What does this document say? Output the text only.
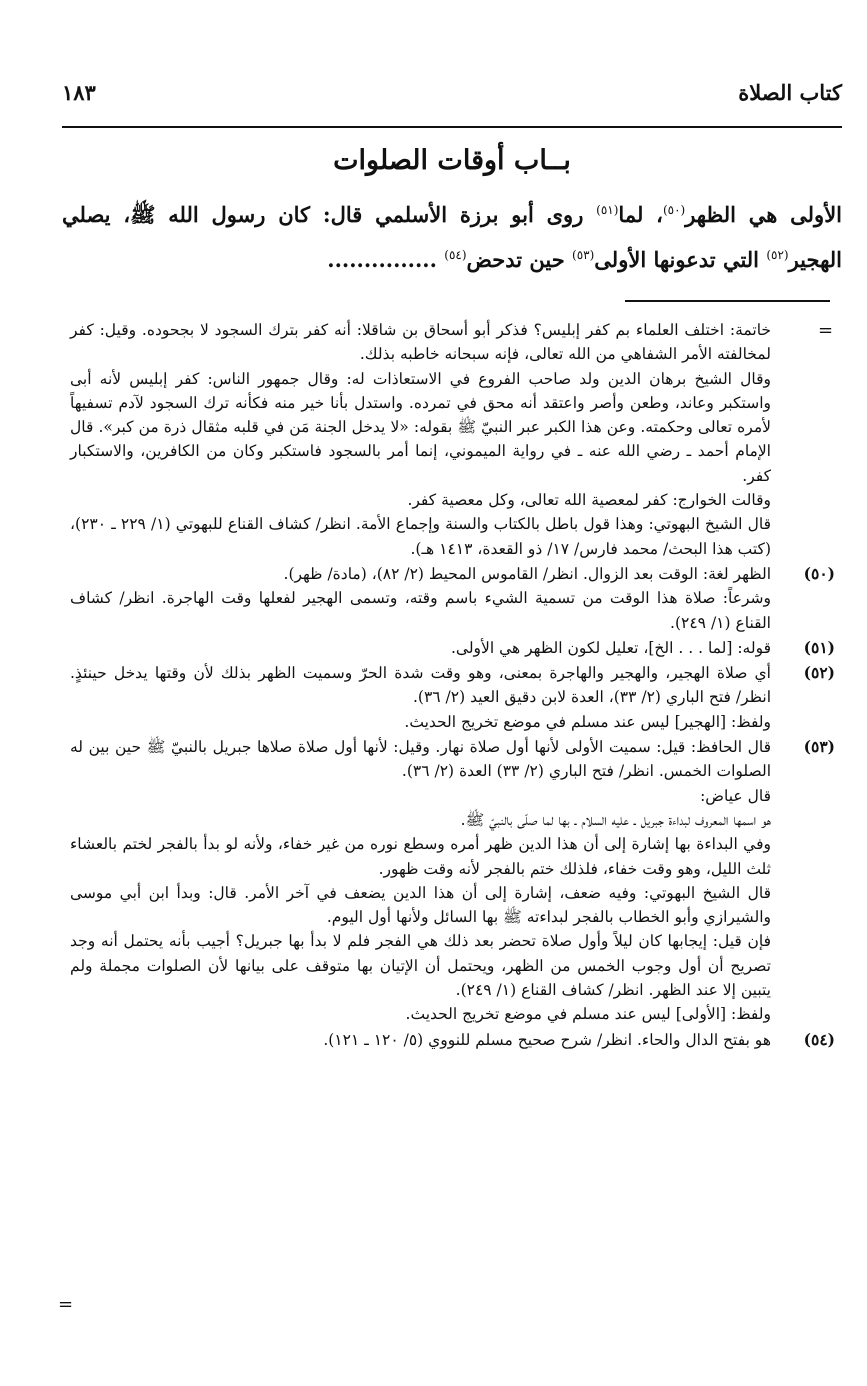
كتاب الصلاة
١٨٣
بــاب أوقات الصلوات
الأولى هي الظهر$^{(٥٠)}$، لما$^{(٥١)}$ روى أبو برزة الأسلمي قال: كان رسول الله ﷺ، يصلي الهجير$^{(٥٢)}$ التي تدعونها الأولى$^{(٥٣)}$ حين تدحض$^{(٥٤)}$ ...............
=

خاتمة: اختلف العلماء بم كفر إبليس؟ فذكر أبو أسحاق بن شاقلا: أنه كفر بترك السجود لا بجحوده. وقيل: كفر لمخالفته الأمر الشفاهي من الله تعالى، فإنه سبحانه خاطبه بذلك.

وقال الشيخ برهان الدين ولد صاحب الفروع في الاستعاذات له: وقال جمهور الناس: كفر إبليس لأنه أبى واستكبر وعاند، وطعن وأصر واعتقد أنه محق في تمرده. واستدل بأنا خير منه فكأنه ترك السجود لآدم تسفيهاً لأمره تعالى وحكمته. وعن هذا الكبر عبر النبيّ ﷺ بقوله: «لا يدخل الجنة مَن في قلبه مثقال ذرة من كبر». قال الإمام أحمد ـ رضي الله عنه ـ في رواية الميموني، إنما أمر بالسجود فاستكبر وكان من الكافرين، والاستكبار كفر.

وقالت الخوارج: كفر لمعصية الله تعالى، وكل معصية كفر.

قال الشيخ البهوتي: وهذا قول باطل بالكتاب والسنة وإجماع الأمة. انظر/ كشاف القناع للبهوتي (١/ ٢٢٩ ـ ٢٣٠)، (كتب هذا البحث/ محمد فارس/ ١٧/ ذو القعدة، ١٤١٣ هـ).

(٥٠)

الظهر لغة: الوقت بعد الزوال. انظر/ القاموس المحيط (٢/ ٨٢)، (مادة/ ظهر).

وشرعاً: صلاة هذا الوقت من تسمية الشيء باسم وقته، وتسمى الهجير لفعلها وقت الهاجرة. انظر/ كشاف القناع (١/ ٢٤٩).

(٥١)

قوله: [لما . . . الخ]، تعليل لكون الظهر هي الأولى.

(٥٢)

أي صلاة الهجير، والهجير والهاجرة بمعنى، وهو وقت شدة الحرّ وسميت الظهر بذلك لأن وقتها يدخل حينئذٍ. انظر/ فتح الباري (٢/ ٣٣)، العدة لابن دقيق العيد (٢/ ٣٦).

ولفظ: [الهجير] ليس عند مسلم في موضع تخريج الحديث.

(٥٣)

قال الحافظ: قيل: سميت الأولى لأنها أول صلاة نهار. وقيل: لأنها أول صلاة صلاها جبريل بالنبيّ ﷺ حين بين له الصلوات الخمس. انظر/ فتح الباري (٢/ ٣٣) العدة (٢/ ٣٦).

قال عياض:

هو اسمها المعروف لبداءة جبريل ـ عليه السلام ـ بها لما صلّى بالنبيّ ﷺ.

وفي البداءة بها إشارة إلى أن هذا الدين ظهر أمره وسطع نوره من غير خفاء، ولأنه لو بدأ بالفجر لختم بالعشاء ثلث الليل، وهو وقت خفاء، فلذلك ختم بالفجر لأنه وقت ظهور.

قال الشيخ البهوتي: وفيه ضعف، إشارة إلى أن هذا الدين يضعف في آخر الأمر. قال: وبدأ ابن أبي موسى والشيرازي وأبو الخطاب بالفجر لبداءته ﷺ بها السائل ولأنها أول اليوم.

فإن قيل: إيجابها كان ليلاً وأول صلاة تحضر بعد ذلك هي الفجر فلم لا بدأ بها جبريل؟ أجيب بأنه يحتمل أنه وجد تصريح أن أول وجوب الخمس من الظهر، ويحتمل أن الإتيان بها متوقف على بيانها لأن الصلوات مجملة ولم يتبين إلا عند الظهر. انظر/ كشاف القناع (١/ ٢٤٩).

ولفظ: [الأولى] ليس عند مسلم في موضع تخريج الحديث.

(٥٤)

هو بفتح الدال والحاء. انظر/ شرح صحيح مسلم للنووي (٥/ ١٢٠ ـ ١٢١).

=
